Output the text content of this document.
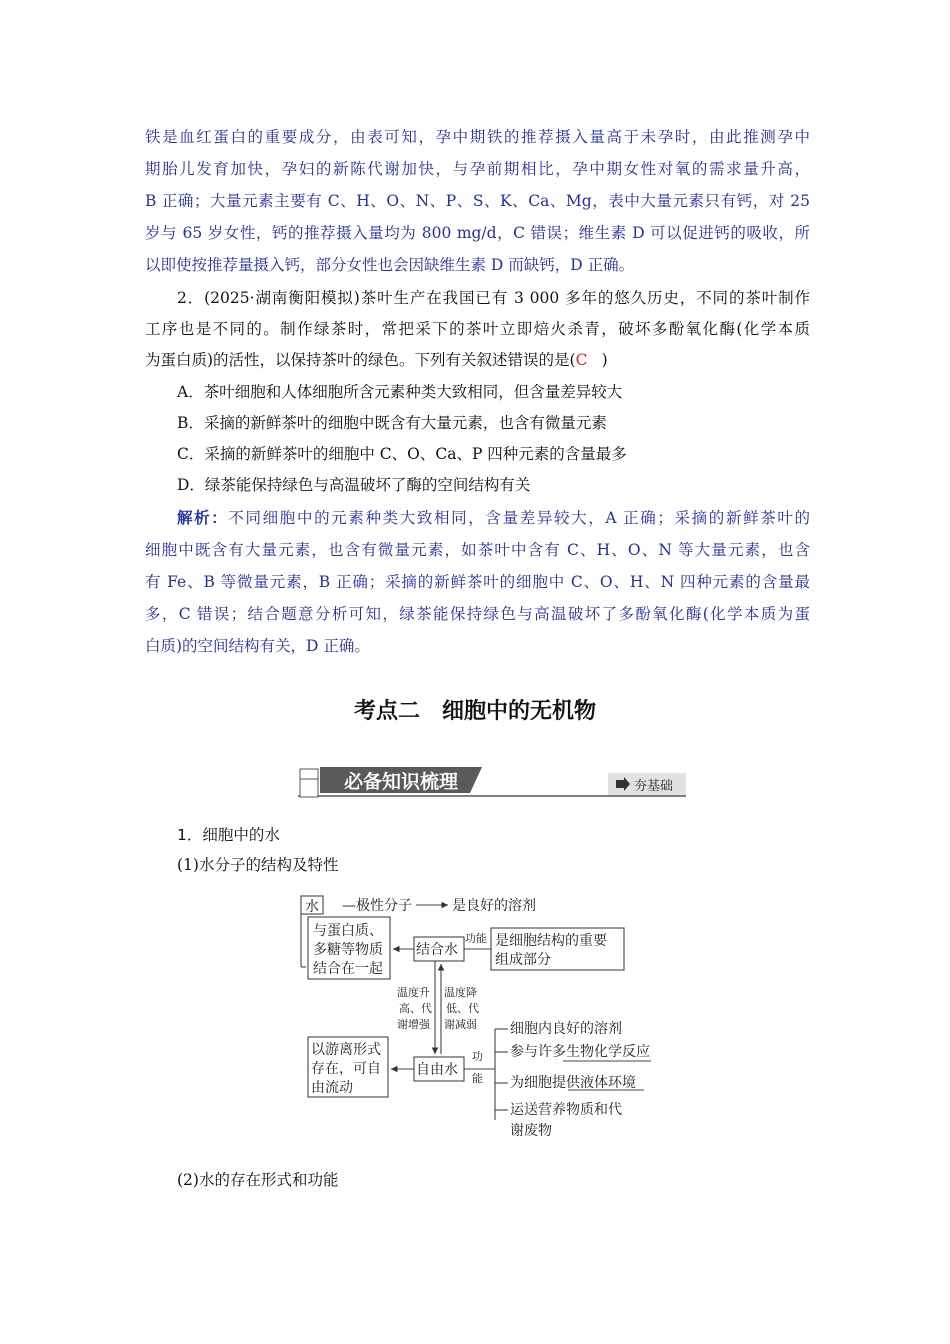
铁是血红蛋白的重要成分，由表可知，孕中期铁的推荐摄入量高于未孕时，由此推测孕中

期胎儿发育加快，孕妇的新陈代谢加快，与孕前期相比，孕中期女性对氧的需求量升高，

B 正确；大量元素主要有 C、H、O、N、P、S、K、Ca、Mg，表中大量元素只有钙，对 25

岁与 65 岁女性，钙的推荐摄入量均为 800 mg/d，C 错误；维生素 D 可以促进钙的吸收，所

以即使按推荐量摄入钙，部分女性也会因缺维生素 D 而缺钙，D 正确。

2．(2025·湖南衡阳模拟)茶叶生产在我国已有 3 000 多年的悠久历史，不同的茶叶制作

工序也是不同的。制作绿茶时，常把采下的茶叶立即焙火杀青，破坏多酚氧化酶(化学本质

为蛋白质)的活性，以保持茶叶的绿色。下列有关叙述错误的是(C )

A．茶叶细胞和人体细胞所含元素种类大致相同，但含量差异较大
B．采摘的新鲜茶叶的细胞中既含有大量元素，也含有微量元素
C．采摘的新鲜茶叶的细胞中 C、O、Ca、P 四种元素的含量最多
D．绿茶能保持绿色与高温破坏了酶的空间结构有关

解析：不同细胞中的元素种类大致相同，含量差异较大，A 正确；采摘的新鲜茶叶的

细胞中既含有大量元素，也含有微量元素，如茶叶中含有 C、H、O、N 等大量元素，也含

有 Fe、B 等微量元素，B 正确；采摘的新鲜茶叶的细胞中 C、O、H、N 四种元素的含量最

多，C 错误；结合题意分析可知，绿茶能保持绿色与高温破坏了多酚氧化酶(化学本质为蛋

白质)的空间结构有关，D 正确。

考点二　细胞中的无机物
必备知识梳理	夯基础
1．细胞中的水
(1)水分子的结构及特性
水 —极性分子	是良好的溶剂
与蛋白质、
多糖等物质
结合在一起
结合水
功能 是细胞结构的重要
组成部分
温度升
高、代
谢增强
温度降
低、代
谢减弱
以游离形式
存在，可自
由流动
自由水
功
能
细胞内良好的溶剂
参与许多生物化学反应
为细胞提供液体环境
运送营养物质和代
谢废物
(2)水的存在形式和功能
